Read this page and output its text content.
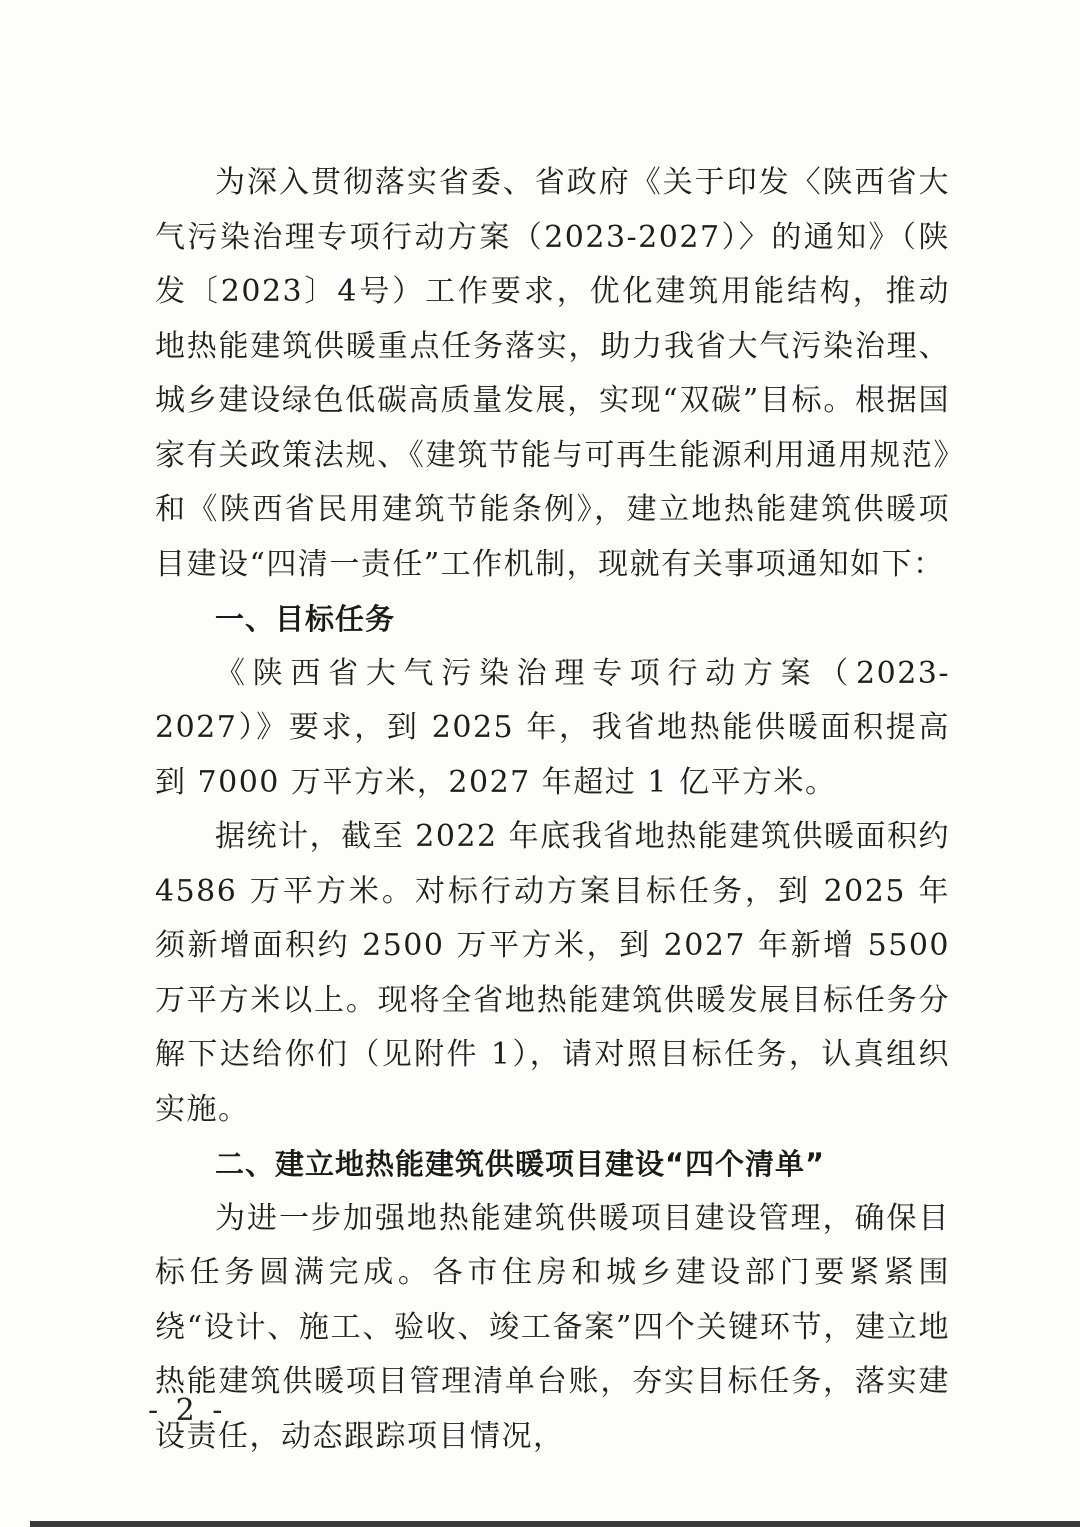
为深入贯彻落实省委、省政府《关于印发〈陕西省大气污染治理专项行动方案（2023-2027）〉的通知》（陕发〔2023〕4号）工作要求，优化建筑用能结构，推动地热能建筑供暖重点任务落实，助力我省大气污染治理、城乡建设绿色低碳高质量发展，实现“双碳”目标。根据国家有关政策法规、《建筑节能与可再生能源利用通用规范》和《陕西省民用建筑节能条例》，建立地热能建筑供暖项目建设“四清一责任”工作机制，现就有关事项通知如下：

一、目标任务

《陕西省大气污染治理专项行动方案（2023-2027）》要求，到 2025 年，我省地热能供暖面积提高到 7000 万平方米，2027 年超过 1 亿平方米。

据统计，截至 2022 年底我省地热能建筑供暖面积约 4586 万平方米。对标行动方案目标任务，到 2025 年须新增面积约 2500 万平方米，到 2027 年新增 5500 万平方米以上。现将全省地热能建筑供暖发展目标任务分解下达给你们（见附件 1），请对照目标任务，认真组织实施。

二、建立地热能建筑供暖项目建设“四个清单”

为进一步加强地热能建筑供暖项目建设管理，确保目标任务圆满完成。各市住房和城乡建设部门要紧紧围绕“设计、施工、验收、竣工备案”四个关键环节，建立地热能建筑供暖项目管理清单台账，夯实目标任务，落实建设责任，动态跟踪项目情况，

- 2 -
